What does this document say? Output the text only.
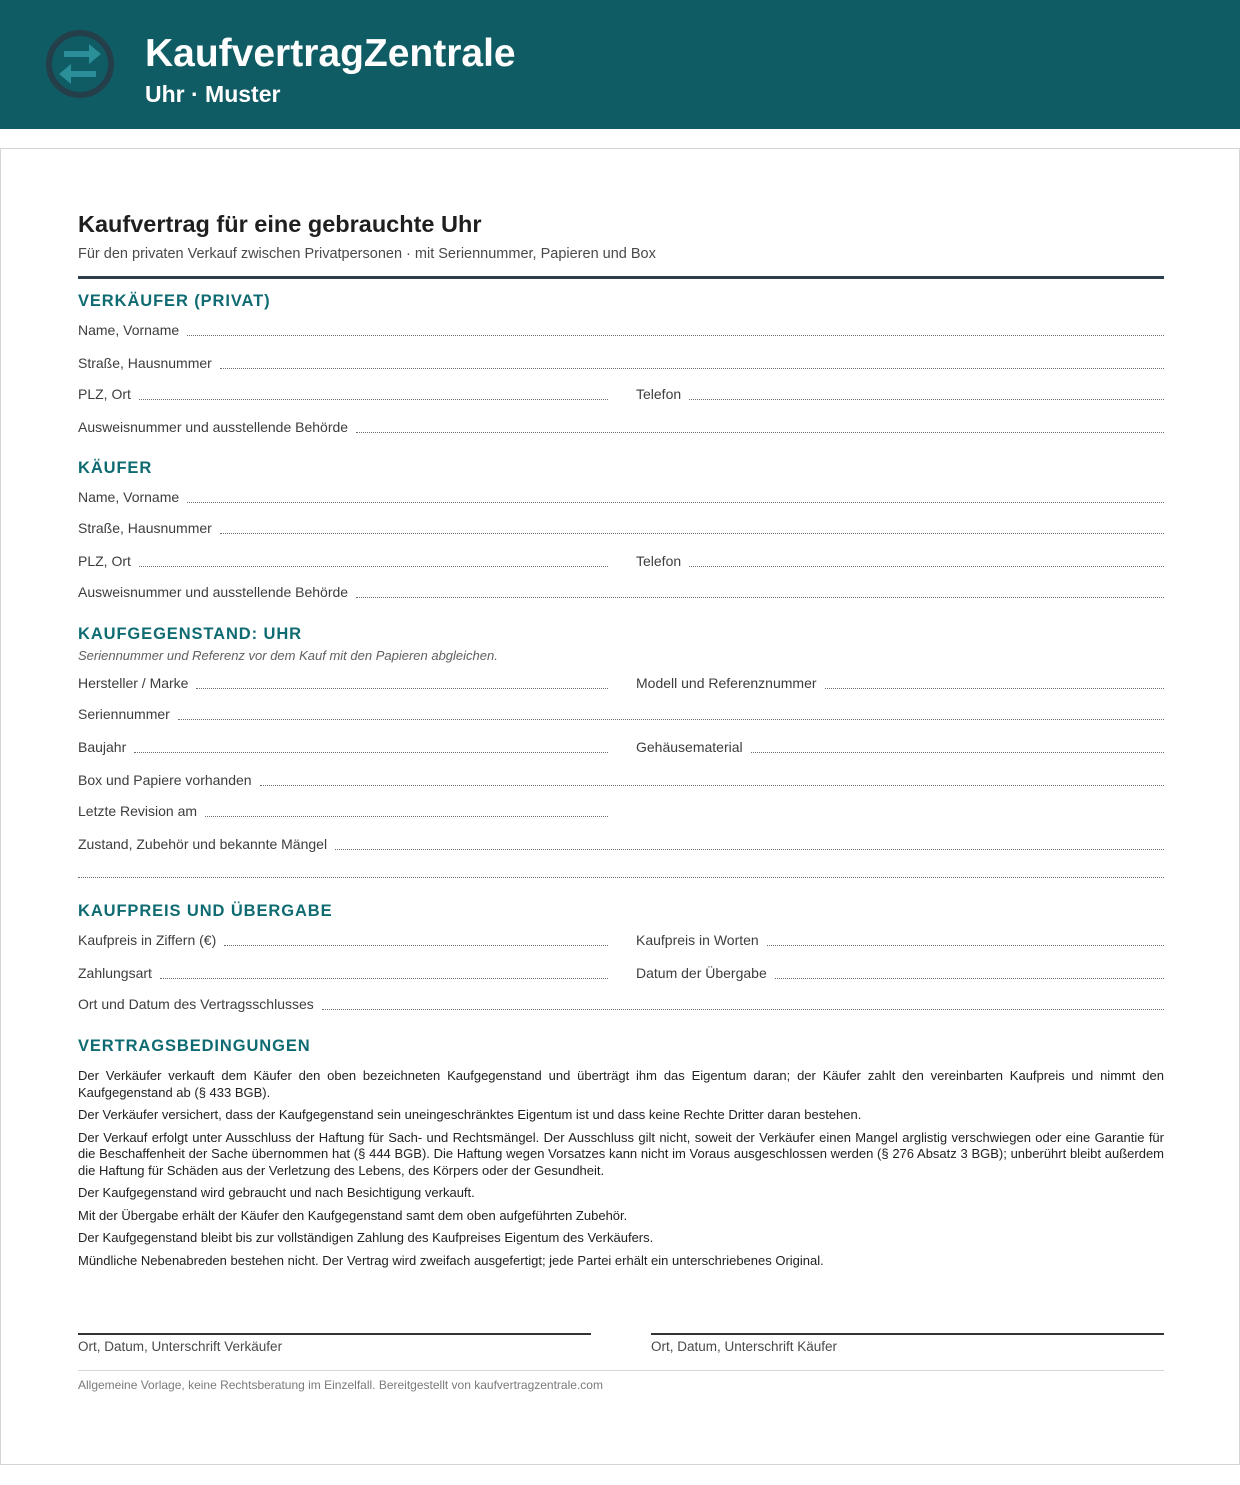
KaufvertragZentrale
Uhr · Muster
Kaufvertrag für eine gebrauchte Uhr
Für den privaten Verkauf zwischen Privatpersonen · mit Seriennummer, Papieren und Box
VERKÄUFER (PRIVAT)
Name, Vorname
Straße, Hausnummer
PLZ, Ort	Telefon
Ausweisnummer und ausstellende Behörde
KÄUFER
Name, Vorname
Straße, Hausnummer
PLZ, Ort	Telefon
Ausweisnummer und ausstellende Behörde
KAUFGEGENSTAND: UHR
Seriennummer und Referenz vor dem Kauf mit den Papieren abgleichen.
Hersteller / Marke	Modell und Referenznummer
Seriennummer
Baujahr	Gehäusematerial
Box und Papiere vorhanden
Letzte Revision am
Zustand, Zubehör und bekannte Mängel
KAUFPREIS UND ÜBERGABE
Kaufpreis in Ziffern (€)	Kaufpreis in Worten
Zahlungsart	Datum der Übergabe
Ort und Datum des Vertragsschlusses
VERTRAGSBEDINGUNGEN

Der Verkäufer verkauft dem Käufer den oben bezeichneten Kaufgegenstand und überträgt ihm das Eigentum daran; der Käufer zahlt den vereinbarten Kaufpreis und nimmt den Kaufgegenstand ab (§ 433 BGB).

Der Verkäufer versichert, dass der Kaufgegenstand sein uneingeschränktes Eigentum ist und dass keine Rechte Dritter daran bestehen.

Der Verkauf erfolgt unter Ausschluss der Haftung für Sach- und Rechtsmängel. Der Ausschluss gilt nicht, soweit der Verkäufer einen Mangel arglistig verschwiegen oder eine Garantie für die Beschaffenheit der Sache übernommen hat (§ 444 BGB). Die Haftung wegen Vorsatzes kann nicht im Voraus ausgeschlossen werden (§ 276 Absatz 3 BGB); unberührt bleibt außerdem die Haftung für Schäden aus der Verletzung des Lebens, des Körpers oder der Gesundheit.

Der Kaufgegenstand wird gebraucht und nach Besichtigung verkauft.

Mit der Übergabe erhält der Käufer den Kaufgegenstand samt dem oben aufgeführten Zubehör.

Der Kaufgegenstand bleibt bis zur vollständigen Zahlung des Kaufpreises Eigentum des Verkäufers.

Mündliche Nebenabreden bestehen nicht. Der Vertrag wird zweifach ausgefertigt; jede Partei erhält ein unterschriebenes Original.

Ort, Datum, Unterschrift Verkäufer	Ort, Datum, Unterschrift Käufer
Allgemeine Vorlage, keine Rechtsberatung im Einzelfall. Bereitgestellt von kaufvertragzentrale.com
